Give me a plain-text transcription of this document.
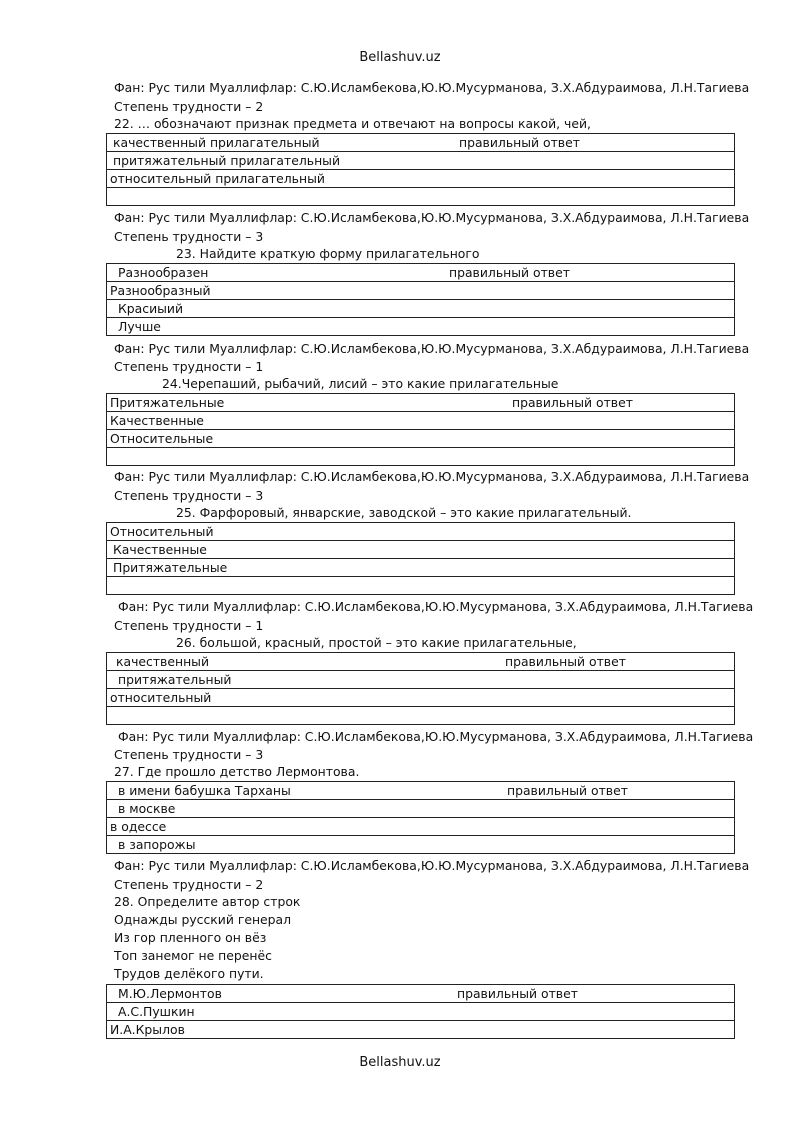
Bellashuv.uz
Фан: Рус тили Муаллифлар: С.Ю.Исламбекова,Ю.Ю.Мусурманова, З.Х.Абдураимова, Л.Н.Тагиева
Степень трудности – 2
22. … обозначают признак предмета и отвечают на вопросы какой, чей,
качественный прилагательный	правильный ответ

притяжательный прилагательный
относительный прилагательный

Фан: Рус тили Муаллифлар: С.Ю.Исламбекова,Ю.Ю.Мусурманова, З.Х.Абдураимова, Л.Н.Тагиева
Степень трудности – 3
23. Найдите краткую форму прилагательного
Разнообразен	правильный ответ

Разнообразный
Красиыий
Лучше
Фан: Рус тили Муаллифлар: С.Ю.Исламбекова,Ю.Ю.Мусурманова, З.Х.Абдураимова, Л.Н.Тагиева
Степень трудности – 1
24.Черепаший, рыбачий, лисий – это какие прилагательные
Притяжательные	правильный ответ

Качественные
Относительные

Фан: Рус тили Муаллифлар: С.Ю.Исламбекова,Ю.Ю.Мусурманова, З.Х.Абдураимова, Л.Н.Тагиева
Степень трудности – 3
25. Фарфоровый, январские, заводской – это какие прилагательный.
Относительный

Качественные
Притяжательные

Фан: Рус тили Муаллифлар: С.Ю.Исламбекова,Ю.Ю.Мусурманова, З.Х.Абдураимова, Л.Н.Тагиева
Степень трудности – 1
26. большой, красный, простой – это какие прилагательные,
качественный	правильный ответ

притяжательный
относительный

Фан: Рус тили Муаллифлар: С.Ю.Исламбекова,Ю.Ю.Мусурманова, З.Х.Абдураимова, Л.Н.Тагиева
Степень трудности – 3
27. Где прошло детство Лермонтова.
в имени бабушка Тарханы	правильный ответ

в москве
в одессе
в запорожы
Фан: Рус тили Муаллифлар: С.Ю.Исламбекова,Ю.Ю.Мусурманова, З.Х.Абдураимова, Л.Н.Тагиева
Степень трудности – 2
28. Определите автор строк
Однажды русский генерал
Из гор пленного он вёз
Топ занемог не перенёс
Трудов делёкого пути.
М.Ю.Лермонтов	правильный ответ

А.С.Пушкин
И.А.Крылов
Bellashuv.uz
